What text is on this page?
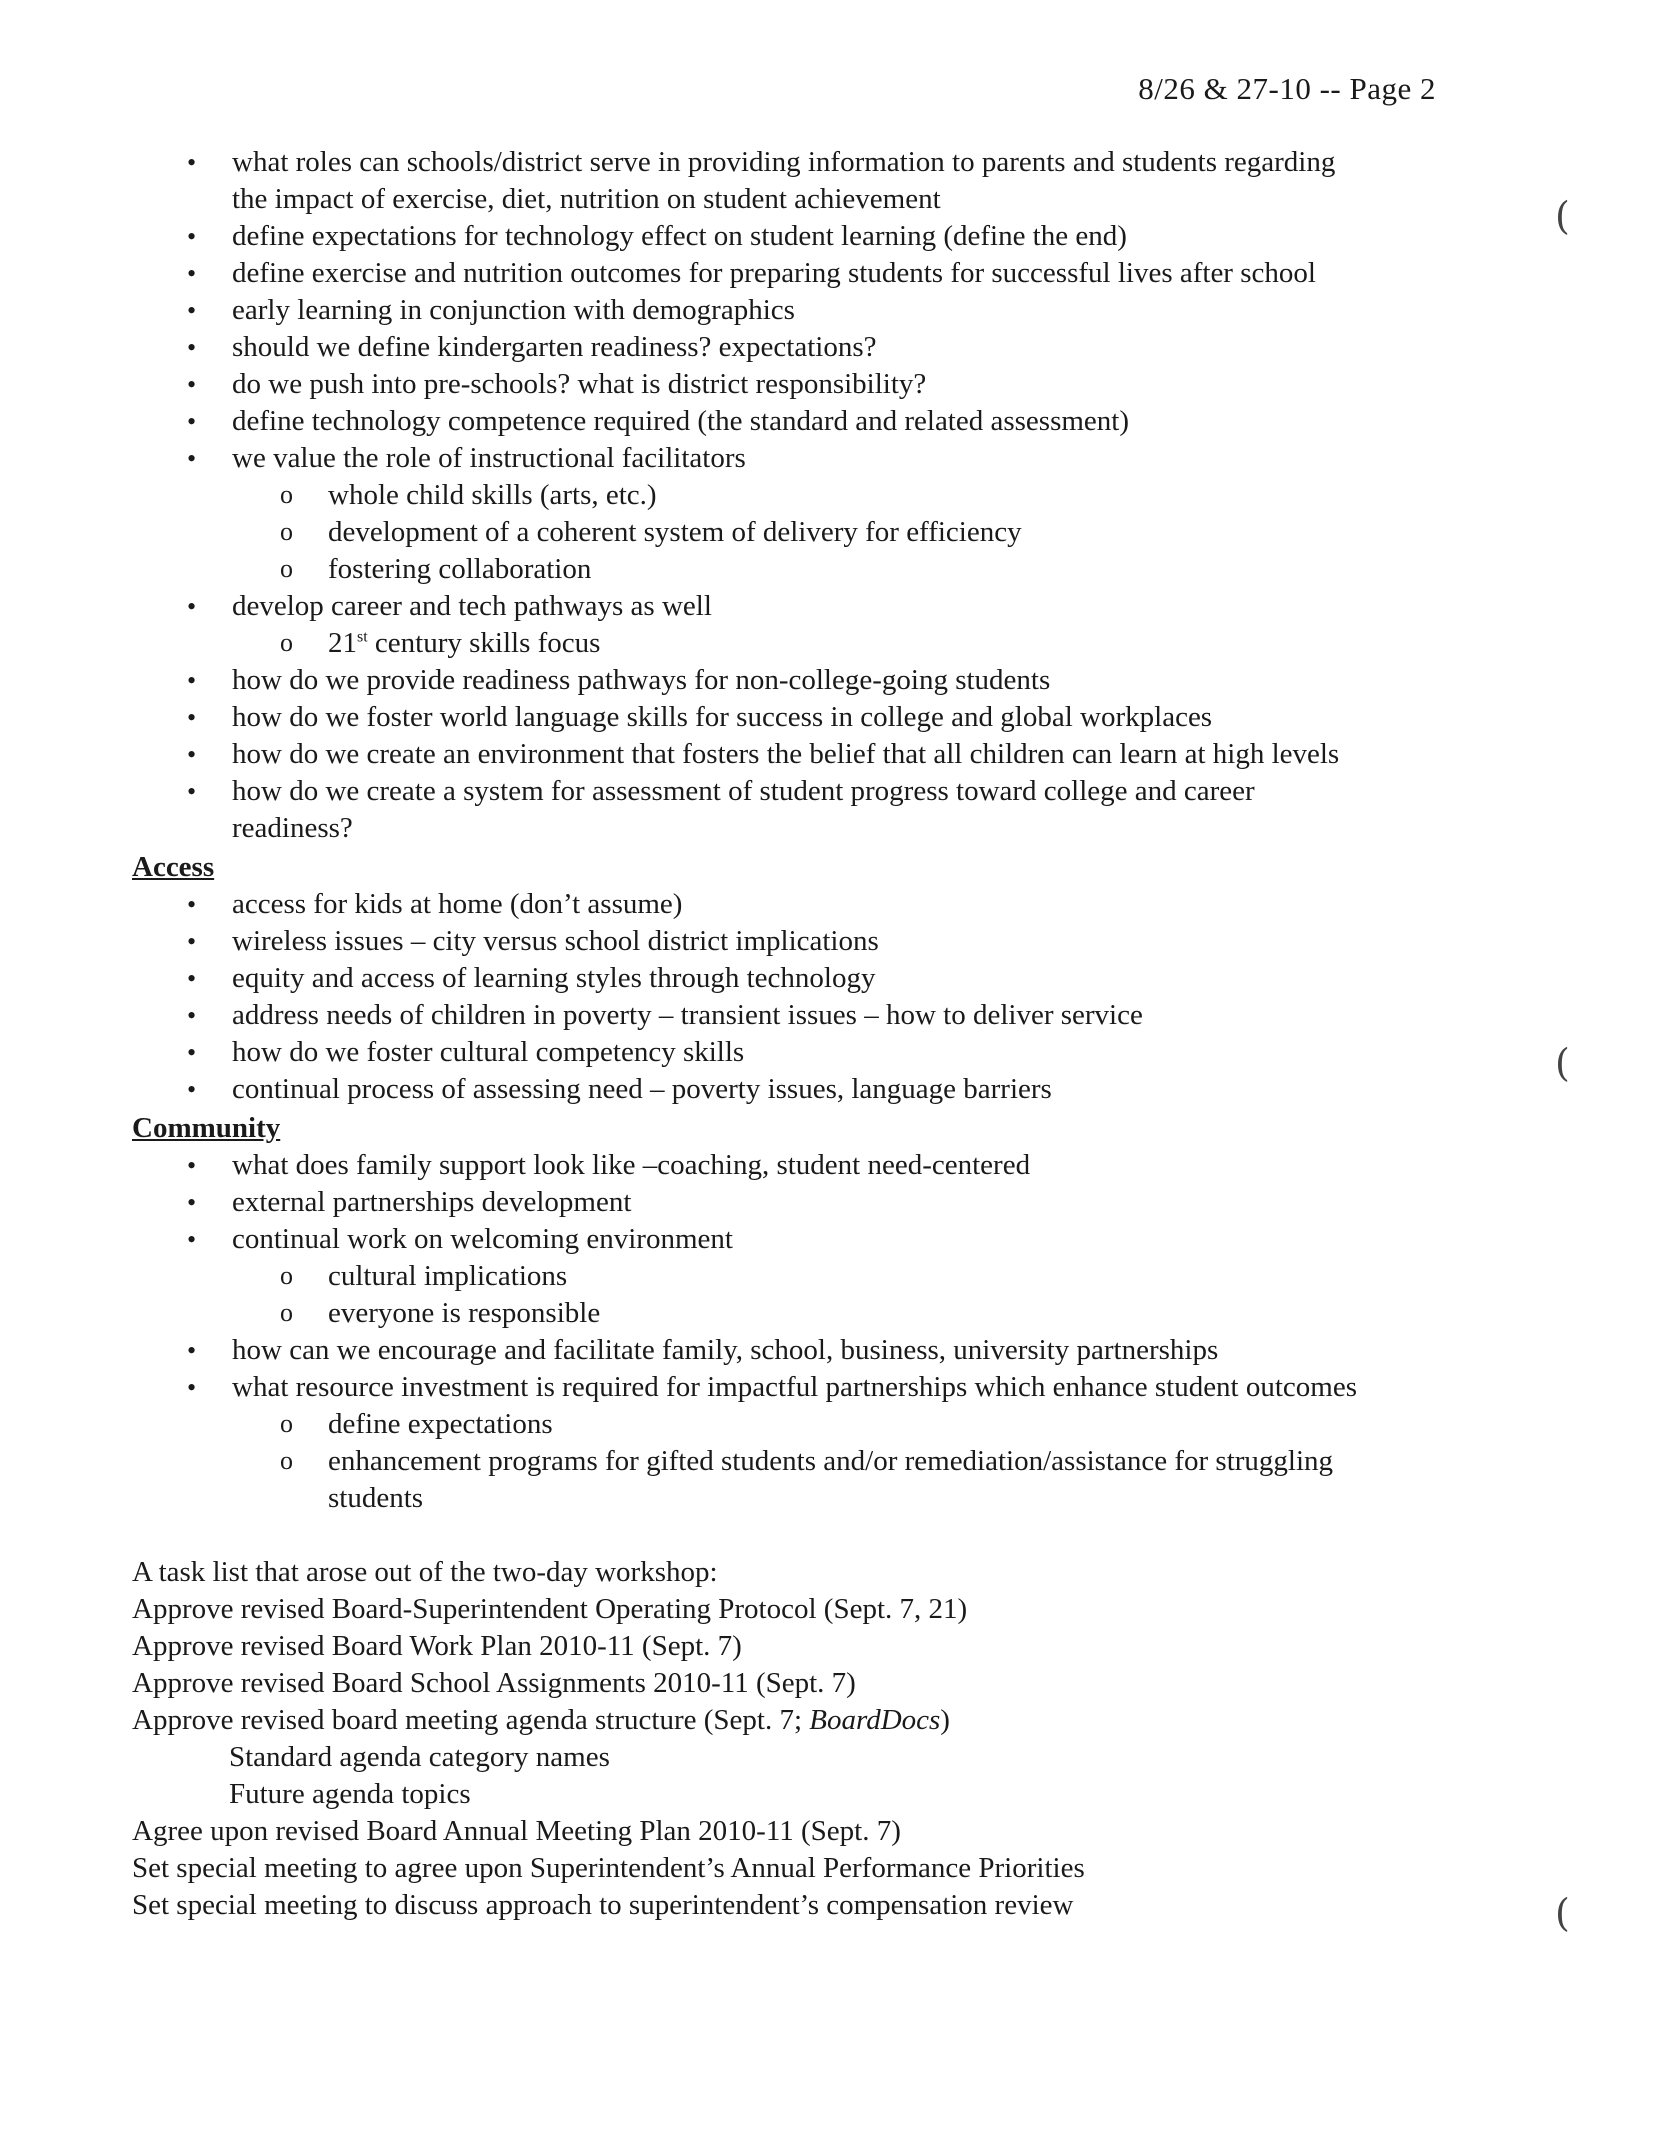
8/26 & 27-10 -- Page 2
• what roles can schools/district serve in providing information to parents and students regarding
the impact of exercise, diet, nutrition on student achievement
• define expectations for technology effect on student learning (define the end)
• define exercise and nutrition outcomes for preparing students for successful lives after school
• early learning in conjunction with demographics
• should we define kindergarten readiness? expectations?
• do we push into pre-schools? what is district responsibility?
• define technology competence required (the standard and related assessment)
• we value the role of instructional facilitators
o whole child skills (arts, etc.)
o development of a coherent system of delivery for efficiency
o fostering collaboration
• develop career and tech pathways as well
o 21st century skills focus
• how do we provide readiness pathways for non-college-going students
• how do we foster world language skills for success in college and global workplaces
• how do we create an environment that fosters the belief that all children can learn at high levels
• how do we create a system for assessment of student progress toward college and career
readiness?
Access
• access for kids at home (don’t assume)
• wireless issues – city versus school district implications
• equity and access of learning styles through technology
• address needs of children in poverty – transient issues – how to deliver service
• how do we foster cultural competency skills
• continual process of assessing need – poverty issues, language barriers
Community
• what does family support look like –coaching, student need-centered
• external partnerships development
• continual work on welcoming environment
o cultural implications
o everyone is responsible
• how can we encourage and facilitate family, school, business, university partnerships
• what resource investment is required for impactful partnerships which enhance student outcomes
o define expectations
o enhancement programs for gifted students and/or remediation/assistance for struggling
students
A task list that arose out of the two-day workshop:
Approve revised Board-Superintendent Operating Protocol (Sept. 7, 21)
Approve revised Board Work Plan 2010-11 (Sept. 7)
Approve revised Board School Assignments 2010-11 (Sept. 7)
Approve revised board meeting agenda structure (Sept. 7; BoardDocs)
Standard agenda category names
Future agenda topics
Agree upon revised Board Annual Meeting Plan 2010-11 (Sept. 7)
Set special meeting to agree upon Superintendent’s Annual Performance Priorities
Set special meeting to discuss approach to superintendent’s compensation review
(
(
(
